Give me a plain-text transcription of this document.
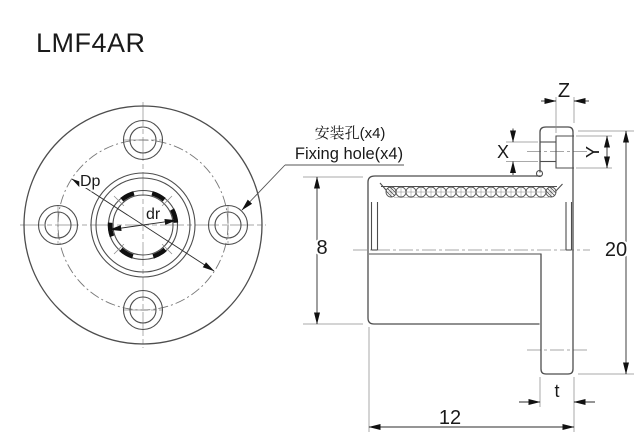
LMF4AR
Dp
dr
8	20
12
t
Z
X	Y
安装孔(x4)
Fixing hole(x4)
